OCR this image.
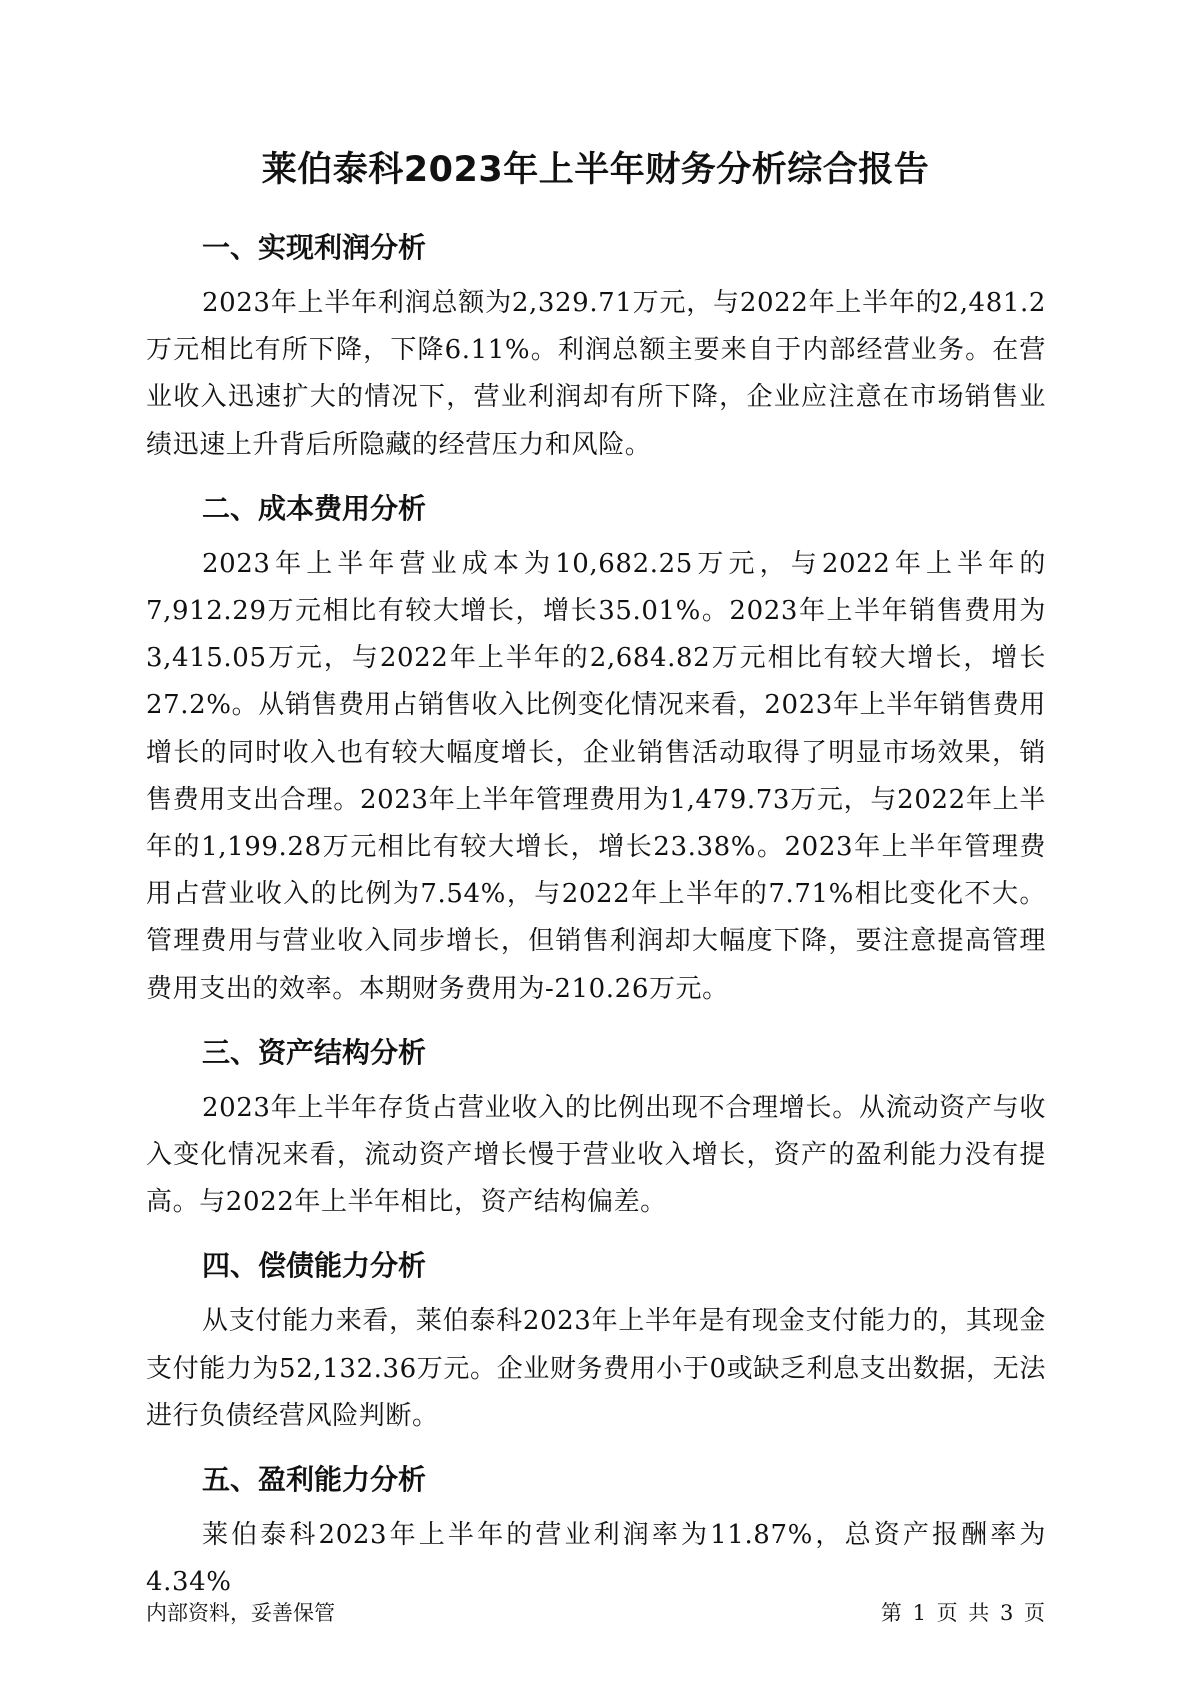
莱伯泰科2023年上半年财务分析综合报告
一、实现利润分析

2023年上半年利润总额为2,329.71万元，与2022年上半年的2,481.2万元相比有所下降，下降6.11%。利润总额主要来自于内部经营业务。在营业收入迅速扩大的情况下，营业利润却有所下降，企业应注意在市场销售业绩迅速上升背后所隐藏的经营压力和风险。

二、成本费用分析

2023年上半年营业成本为10,682.25万元，与2022年上半年的7,912.29万元相比有较大增长，增长35.01%。2023年上半年销售费用为3,415.05万元，与2022年上半年的2,684.82万元相比有较大增长，增长27.2%。从销售费用占销售收入比例变化情况来看，2023年上半年销售费用增长的同时收入也有较大幅度增长，企业销售活动取得了明显市场效果，销售费用支出合理。2023年上半年管理费用为1,479.73万元，与2022年上半年的1,199.28万元相比有较大增长，增长23.38%。2023年上半年管理费用占营业收入的比例为7.54%，与2022年上半年的7.71%相比变化不大。管理费用与营业收入同步增长，但销售利润却大幅度下降，要注意提高管理费用支出的效率。本期财务费用为-210.26万元。

三、资产结构分析

2023年上半年存货占营业收入的比例出现不合理增长。从流动资产与收入变化情况来看，流动资产增长慢于营业收入增长，资产的盈利能力没有提高。与2022年上半年相比，资产结构偏差。

四、偿债能力分析

从支付能力来看，莱伯泰科2023年上半年是有现金支付能力的，其现金支付能力为52,132.36万元。企业财务费用小于0或缺乏利息支出数据，无法进行负债经营风险判断。

五、盈利能力分析

莱伯泰科2023年上半年的营业利润率为11.87%，总资产报酬率为4.34%

内部资料，妥善保管	第 1 页 共 3 页
